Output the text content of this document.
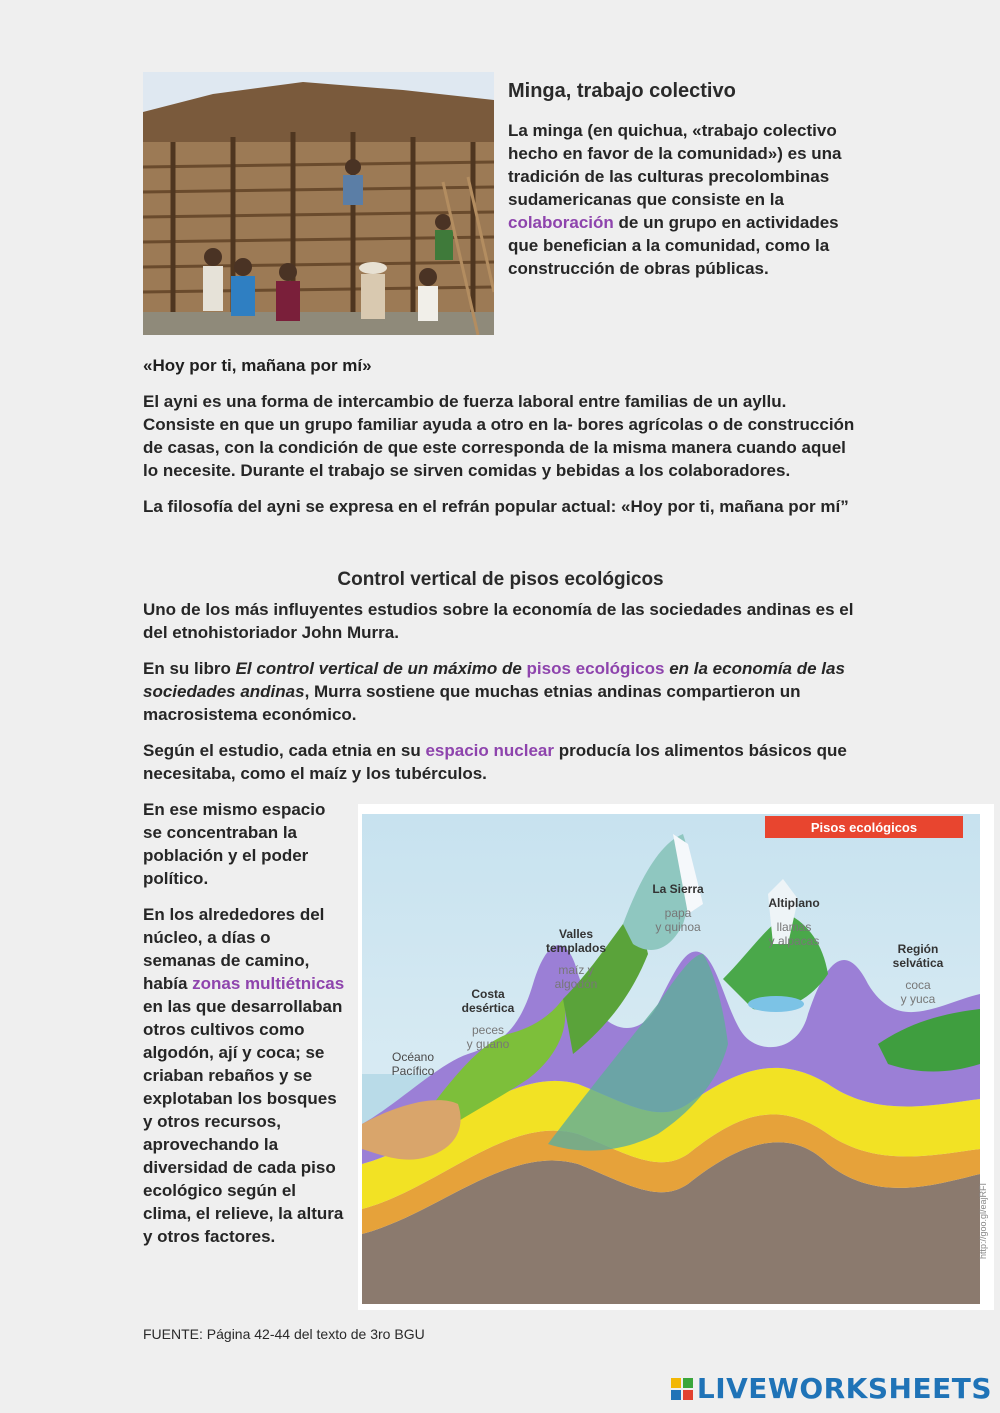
Minga, trabajo colectivo

La minga (en quichua, «trabajo colectivo hecho en favor de la comunidad») es una tradición de las culturas precolombinas sudamericanas que consiste en la colaboración de un grupo en actividades que benefician a la comunidad, como la construcción de obras públicas.

«Hoy por ti, mañana por mí»

El ayni es una forma de intercambio de fuerza laboral entre familias de un ayllu. Consiste en que un grupo familiar ayuda a otro en la- bores agrícolas o de construcción de casas, con la condición de que este corresponda de la misma manera cuando aquel lo necesite. Durante el trabajo se sirven comidas y bebidas a los colaboradores.

La filosofía del ayni se expresa en el refrán popular actual: «Hoy por ti, mañana por mí”

Control vertical de pisos ecológicos

Uno de los más influyentes estudios sobre la economía de las sociedades andinas es el del etnohistoriador John Murra.

En su libro El control vertical de un máximo de pisos ecológicos en la economía de las sociedades andinas, Murra sostiene que muchas etnias andinas compartieron un macrosistema económico.

Según el estudio, cada etnia en su espacio nuclear producía los alimentos básicos que necesitaba, como el maíz y los tubérculos.

En ese mismo espacio se concentraban la población y el poder político.

En los alrededores del núcleo, a días o semanas de camino, había zonas multiétnicas en las que desarrollaban otros cultivos como algodón, ají y coca; se criaban rebaños y se explotaban los bosques y otros recursos, aprovechando la diversidad de cada piso ecológico según el clima, el relieve, la altura y otros factores.

Pisos ecológicos
Océano
Pacífico
Costa
desértica
peces
y guano
Valles
templados
maíz y
algodón
La Sierra
papa
y quinoa
Altiplano
llamas
y alpacas
Región
selvática
coca
y yuca
http://goo.gl/eajRFI
FUENTE: Página 42-44 del texto de 3ro BGU
LIVEWORKSHEETS
